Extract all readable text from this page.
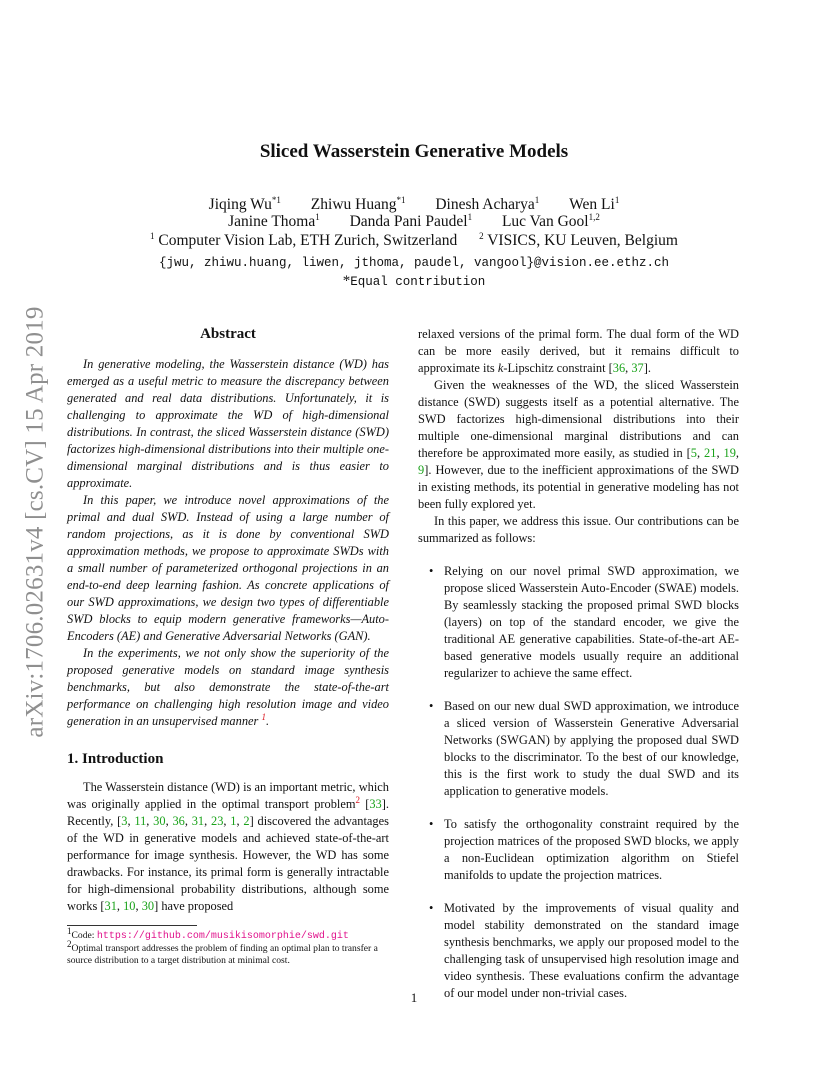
arXiv:1706.02631v4 [cs.CV] 15 Apr 2019
Sliced Wasserstein Generative Models
Jiqing Wu$^{*1}$ Zhiwu Huang$^{*1}$ Dinesh Acharya$^1$ Wen Li$^1$
Janine Thoma$^1$ Danda Pani Paudel$^1$ Luc Van Gool$^{1,2}$
$^1$ Computer Vision Lab, ETH Zurich, Switzerland $^2$ VISICS, KU Leuven, Belgium
{jwu, zhiwu.huang, liwen, jthoma, paudel, vangool}@vision.ee.ethz.ch
*Equal contribution
Abstract

In generative modeling, the Wasserstein distance (WD) has emerged as a useful metric to measure the discrepancy between generated and real data distributions. Unfortunately, it is challenging to approximate the WD of high-dimensional distributions. In contrast, the sliced Wasserstein distance (SWD) factorizes high-dimensional distributions into their multiple one-dimensional marginal distributions and is thus easier to approximate.

In this paper, we introduce novel approximations of the primal and dual SWD. Instead of using a large number of random projections, as it is done by conventional SWD approximation methods, we propose to approximate SWDs with a small number of parameterized orthogonal projections in an end-to-end deep learning fashion. As concrete applications of our SWD approximations, we design two types of differentiable SWD blocks to equip modern generative frameworks—Auto-Encoders (AE) and Generative Adversarial Networks (GAN).

In the experiments, we not only show the superiority of the proposed generative models on standard image synthesis benchmarks, but also demonstrate the state-of-the-art performance on challenging high resolution image and video generation in an unsupervised manner $^1$.

1. Introduction

The Wasserstein distance (WD) is an important metric, which was originally applied in the optimal transport problem$^2$ [33]. Recently, [3, 11, 30, 36, 31, 23, 1, 2] discovered the advantages of the WD in generative models and achieved state-of-the-art performance for image synthesis. However, the WD has some drawbacks. For instance, its primal form is generally intractable for high-dimensional probability distributions, although some works [31, 10, 30] have proposed

$^1$Code: https://github.com/musikisomorphie/swd.git
$^2$Optimal transport addresses the problem of finding an optimal plan to transfer a source distribution to a target distribution at minimal cost.

relaxed versions of the primal form. The dual form of the WD can be more easily derived, but it remains difficult to approximate its k-Lipschitz constraint [36, 37].

Given the weaknesses of the WD, the sliced Wasserstein distance (SWD) suggests itself as a potential alternative. The SWD factorizes high-dimensional distributions into their multiple one-dimensional marginal distributions and can therefore be approximated more easily, as studied in [5, 21, 19, 9]. However, due to the inefficient approximations of the SWD in existing methods, its potential in generative modeling has not been fully explored yet.

In this paper, we address this issue. Our contributions can be summarized as follows:

• Relying on our novel primal SWD approximation, we propose sliced Wasserstein Auto-Encoder (SWAE) models. By seamlessly stacking the proposed primal SWD blocks (layers) on top of the standard encoder, we give the traditional AE generative capabilities. State-of-the-art AE-based generative models usually require an additional regularizer to achieve the same effect.
• Based on our new dual SWD approximation, we introduce a sliced version of Wasserstein Generative Adversarial Networks (SWGAN) by applying the proposed dual SWD blocks to the discriminator. To the best of our knowledge, this is the first work to study the dual SWD and its application to generative models.
• To satisfy the orthogonality constraint required by the projection matrices of the proposed SWD blocks, we apply a non-Euclidean optimization algorithm on Stiefel manifolds to update the projection matrices.
• Motivated by the improvements of visual quality and model stability demonstrated on the standard image synthesis benchmarks, we apply our proposed model to the challenging task of unsupervised high resolution image and video synthesis. These evaluations confirm the advantage of our model under non-trivial cases.
1
